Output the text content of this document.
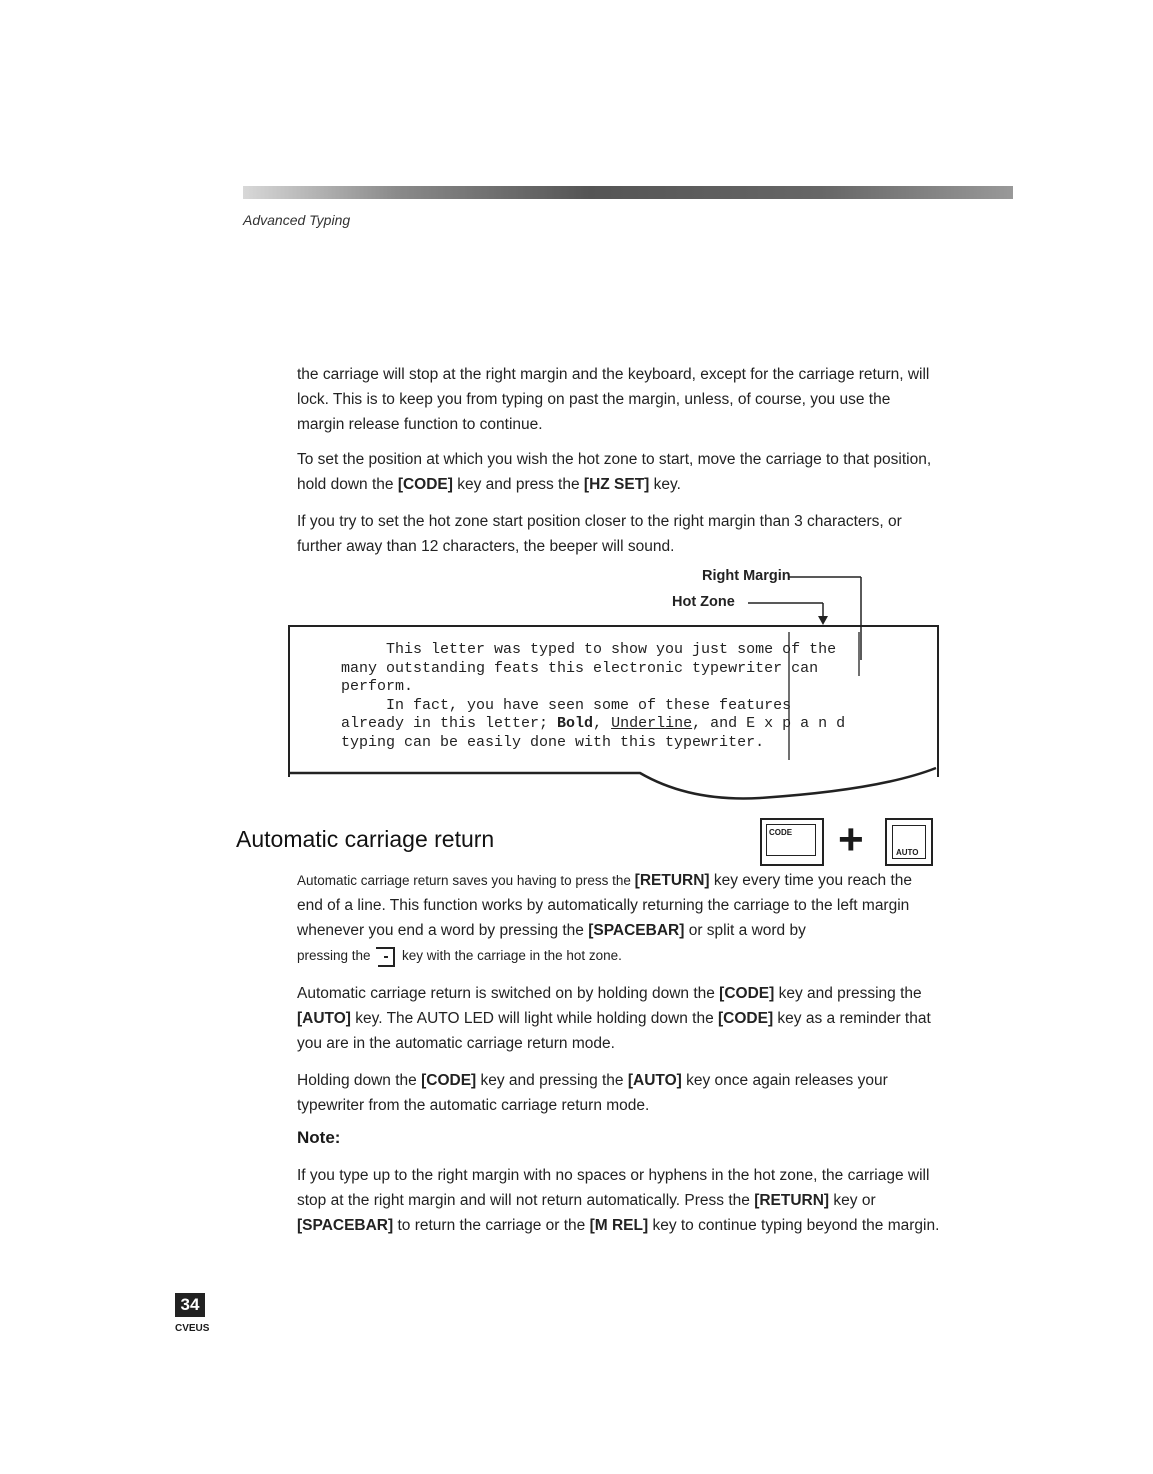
Advanced Typing

the carriage will stop at the right margin and the keyboard, except for the carriage return, will lock. This is to keep you from typing on past the margin, unless, of course, you use the margin release function to continue.

To set the position at which you wish the hot zone to start, move the carriage to that position, hold down the [CODE] key and press the [HZ SET] key.

If you try to set the hot zone start position closer to the right margin than 3 characters, or further away than 12 characters, the beeper will sound.

Right Margin
Hot Zone
This letter was typed to show you just some of the
many outstanding feats this electronic typewriter can
perform.
In fact, you have seen some of these features
already in this letter; Bold, Underline, and E x p a n d
typing can be easily done with this typewriter.
Automatic carriage return	CODE +	AUTO

Automatic carriage return saves you having to press the [RETURN] key every time you reach the end of a line. This function works by automatically returning the carriage to the left margin whenever you end a word by pressing the [SPACEBAR] or split a word by
pressing the
key with the carriage in the hot zone.

Automatic carriage return is switched on by holding down the [CODE] key and pressing the [AUTO] key. The AUTO LED will light while holding down the [CODE] key as a reminder that you are in the automatic carriage return mode.

Holding down the [CODE] key and pressing the [AUTO] key once again releases your typewriter from the automatic carriage return mode.

Note:

If you type up to the right margin with no spaces or hyphens in the hot zone, the carriage will stop at the right margin and will not return automatically. Press the [RETURN] key or [SPACEBAR] to return the carriage or the [M REL] key to continue typing beyond the margin.

34
CVEUS
